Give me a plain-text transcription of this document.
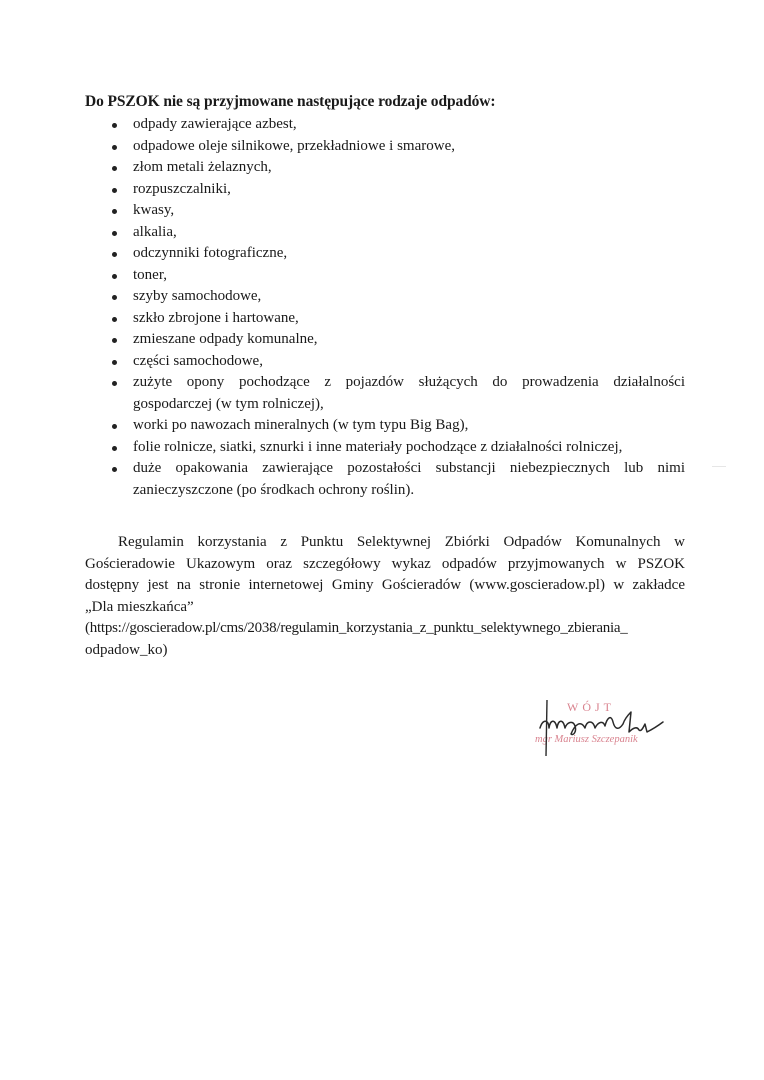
Do PSZOK nie są przyjmowane następujące rodzaje odpadów:
odpady zawierające azbest,
odpadowe oleje silnikowe, przekładniowe i smarowe,
złom metali żelaznych,
rozpuszczalniki,
kwasy,
alkalia,
odczynniki fotograficzne,
toner,
szyby samochodowe,
szkło zbrojone i hartowane,
zmieszane odpady komunalne,
części samochodowe,
zużyte opony pochodzące z pojazdów służących do prowadzenia działalności
gospodarczej (w tym rolniczej),
worki po nawozach mineralnych (w tym typu Big Bag),
folie rolnicze, siatki, sznurki i inne materiały pochodzące z działalności rolniczej,
duże opakowania zawierające pozostałości substancji niebezpiecznych lub nimi
zanieczyszczone (po środkach ochrony roślin).
Regulamin korzystania z Punktu Selektywnej Zbiórki Odpadów Komunalnych w
Gościeradowie Ukazowym oraz szczegółowy wykaz odpadów przyjmowanych w PSZOK
dostępny jest na stronie internetowej Gminy Gościeradów (www.goscieradow.pl) w zakładce
„Dla mieszkańca”
(https://goscieradow.pl/cms/2038/regulamin_korzystania_z_punktu_selektywnego_zbierania_
odpadow_ko)
WÓJT
mgr Mariusz Szczepanik
